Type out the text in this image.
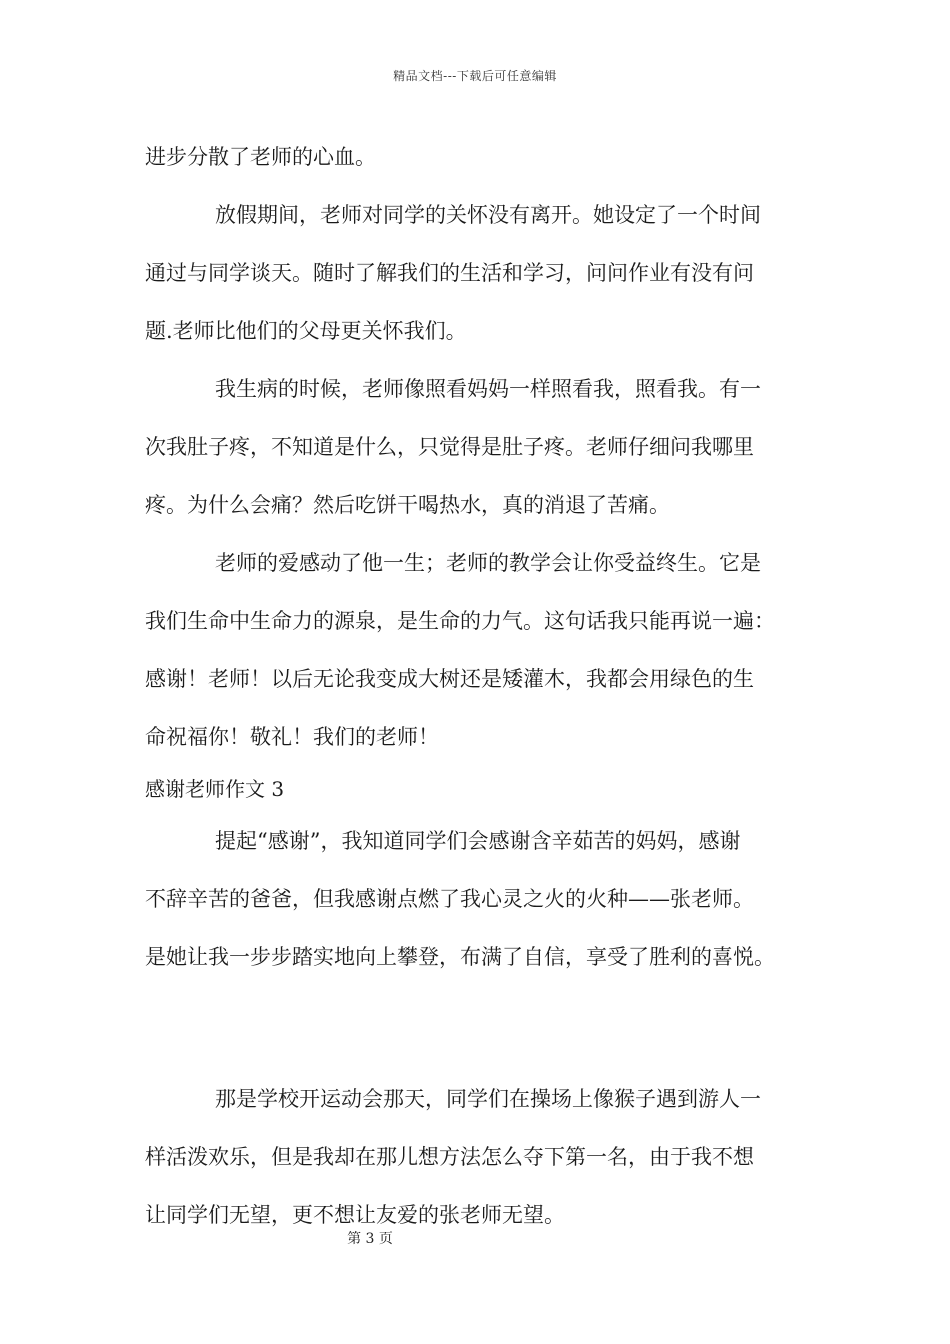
精品文档---下载后可任意编辑
进步分散了老师的心血。
放假期间，老师对同学的关怀没有离开。她设定了一个时间
通过与同学谈天。随时了解我们的生活和学习，问问作业有没有问
题.老师比他们的父母更关怀我们。
我生病的时候，老师像照看妈妈一样照看我，照看我。有一
次我肚子疼，不知道是什么，只觉得是肚子疼。老师仔细问我哪里
疼。为什么会痛？然后吃饼干喝热水，真的消退了苦痛。
老师的爱感动了他一生；老师的教学会让你受益终生。它是
我们生命中生命力的源泉，是生命的力气。这句话我只能再说一遍：
感谢！老师！以后无论我变成大树还是矮灌木，我都会用绿色的生
命祝福你！敬礼！我们的老师！
感谢老师作文 3
提起“感谢”，我知道同学们会感谢含辛茹苦的妈妈，感谢
不辞辛苦的爸爸，但我感谢点燃了我心灵之火的火种——张老师。
是她让我一步步踏实地向上攀登，布满了自信，享受了胜利的喜悦。
那是学校开运动会那天，同学们在操场上像猴子遇到游人一
样活泼欢乐，但是我却在那儿想方法怎么夺下第一名，由于我不想
让同学们无望，更不想让友爱的张老师无望。
第 3 页
